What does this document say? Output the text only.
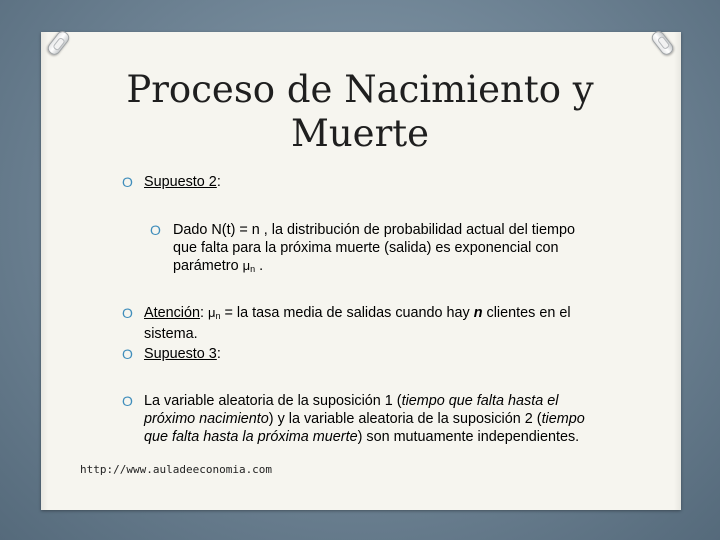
Proceso de Nacimiento y
Muerte
O Supuesto 2:
O Dado N(t) = n , la distribución de probabilidad actual del tiempo que falta para la próxima muerte (salida) es exponencial con parámetro $\mu_n$ .
O Atención: $\mu_n$ = la tasa media de salidas cuando hay n clientes en el sistema.
O Supuesto 3:
O La variable aleatoria de la suposición 1 (tiempo que falta hasta el próximo nacimiento) y la variable aleatoria de la suposición 2 (tiempo que falta hasta la próxima muerte) son mutuamente independientes.
http://www.auladeeconomia.com
